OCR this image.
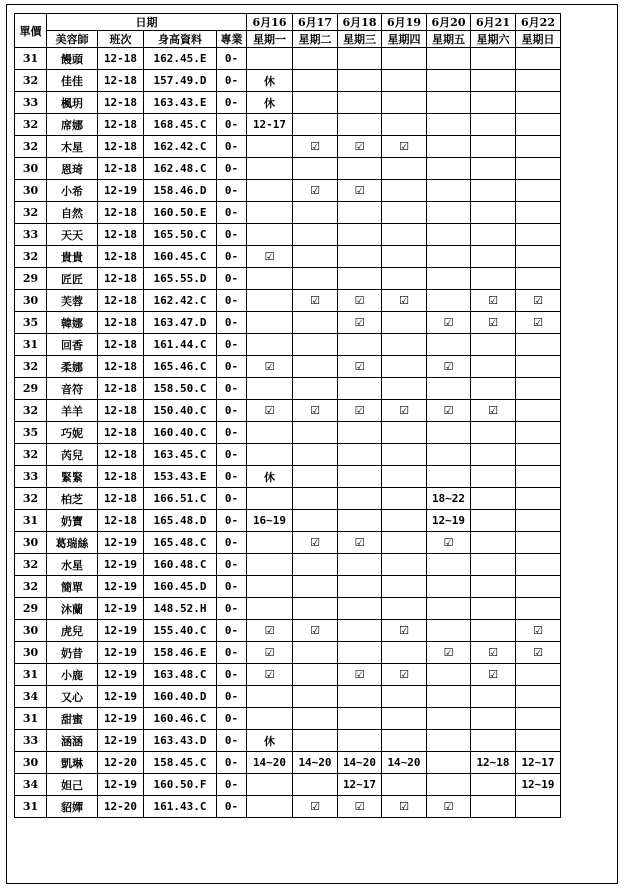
單價	日期				6月16	6月17	6月18	6月19	6月20	6月21	6月22
	美容師	班次	身高資料	專業	星期一	星期二	星期三	星期四	星期五	星期六	星期日
31	饅頭	12-18	162.45.E	0-							
32	佳佳	12-18	157.49.D	0-	休						
33	楓玥	12-18	163.43.E	0-	休						
32	席娜	12-18	168.45.C	0-	12-17						
32	木星	12-18	162.42.C	0-		☑	☑	☑			
30	恩琦	12-18	162.48.C	0-							
30	小希	12-19	158.46.D	0-		☑	☑				
32	自然	12-18	160.50.E	0-							
33	天天	12-18	165.50.C	0-							
32	貴貴	12-18	160.45.C	0-	☑						
29	匠匠	12-18	165.55.D	0-							
30	芙蓉	12-18	162.42.C	0-		☑	☑	☑		☑	☑
35	韓娜	12-18	163.47.D	0-			☑		☑	☑	☑
31	回香	12-18	161.44.C	0-							
32	柔娜	12-18	165.46.C	0-	☑		☑		☑		
29	音符	12-18	158.50.C	0-							
32	羊羊	12-18	150.40.C	0-	☑	☑	☑	☑	☑	☑	
35	巧妮	12-18	160.40.C	0-							
32	芮兒	12-18	163.45.C	0-							
33	緊緊	12-18	153.43.E	0-	休						
32	柏芝	12-18	166.51.C	0-					18~22		
31	奶寶	12-18	165.48.D	0-	16~19				12~19		
30	葛瑞絲	12-19	165.48.C	0-		☑	☑		☑		
32	水星	12-19	160.48.C	0-							
32	簡單	12-19	160.45.D	0-							
29	沐蘭	12-19	148.52.H	0-							
30	虎兒	12-19	155.40.C	0-	☑	☑		☑			☑
30	奶昔	12-19	158.46.E	0-	☑				☑	☑	☑
31	小鹿	12-19	163.48.C	0-	☑		☑	☑		☑	
34	又心	12-19	160.40.D	0-							
31	甜蜜	12-19	160.46.C	0-							
33	涵涵	12-19	163.43.D	0-	休						
30	凱琳	12-20	158.45.C	0-	14~20	14~20	14~20	14~20		12~18	12~17
34	妲己	12-19	160.50.F	0-			12~17				12~19
31	貂嬋	12-20	161.43.C	0-		☑	☑	☑	☑		
